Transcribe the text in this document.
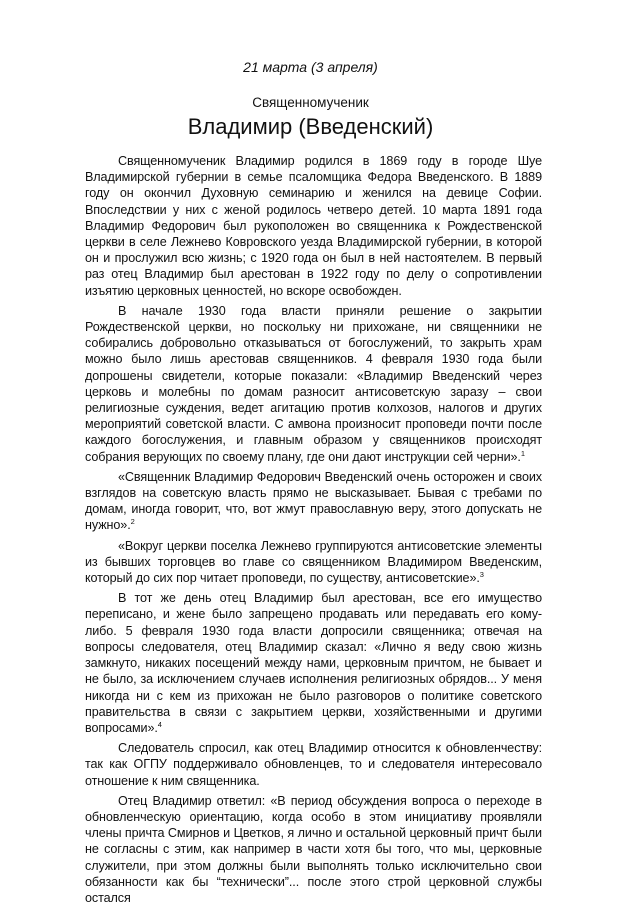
21 марта (3 апреля)
Священномученик
Владимир (Введенский)

Священномученик Владимир родился в 1869 году в городе Шуе Владимирской губернии в семье псаломщика Федора Введенского. В 1889 году он окончил Духовную семинарию и женился на девице Софии. Впоследствии у них с женой родилось четверо детей. 10 марта 1891 года Владимир Федорович был рукоположен во священника к Рождественской церкви в селе Лежнево Ковровского уезда Владимирской губернии, в которой он и прослужил всю жизнь; с 1920 года он был в ней настоятелем. В первый раз отец Владимир был арестован в 1922 году по делу о сопротивлении изъятию церковных ценностей, но вскоре освобожден.

В начале 1930 года власти приняли решение о закрытии Рождественской церкви, но поскольку ни прихожане, ни священники не собирались добровольно отказываться от богослужений, то закрыть храм можно было лишь арестовав священников. 4 февраля 1930 года были допрошены свидетели, которые показали: «Владимир Введенский через церковь и молебны по домам разносит антисоветскую заразу – свои религиозные суждения, ведет агитацию против колхозов, налогов и других мероприятий советской власти. С амвона произносит проповеди почти после каждого богослужения, и главным образом у священников происходят собрания верующих по своему плану, где они дают инструкции сей черни».$^1$

«Священник Владимир Федорович Введенский очень осторожен и своих взглядов на советскую власть прямо не высказывает. Бывая с требами по домам, иногда говорит, что, вот жмут православную веру, этого допускать не нужно».$^2$

«Вокруг церкви поселка Лежнево группируются антисоветские элементы из бывших торговцев во главе со священником Владимиром Введенским, который до сих пор читает проповеди, по существу, антисоветские».$^3$

В тот же день отец Владимир был арестован, все его имущество переписано, и жене было запрещено продавать или передавать его кому-либо. 5 февраля 1930 года власти допросили священника; отвечая на вопросы следователя, отец Владимир сказал: «Лично я веду свою жизнь замкнуто, никаких посещений между нами, церковным причтом, не бывает и не было, за исключением случаев исполнения религиозных обрядов... У меня никогда ни с кем из прихожан не было разговоров о политике советского правительства в связи с закрытием церкви, хозяйственными и другими вопросами».$^4$

Следователь спросил, как отец Владимир относится к обновленчеству: так как ОГПУ поддерживало обновленцев, то и следователя интересовало отношение к ним священника.

Отец Владимир ответил: «В период обсуждения вопроса о переходе в обновленческую ориентацию, когда особо в этом инициативу проявляли члены причта Смирнов и Цветков, я лично и остальной церковный причт были не согласны с этим, как например в части хотя бы того, что мы, церковные служители, при этом должны были выполнять только исключительно свои обязанности как бы “технически”... после этого строй церковной службы остался
